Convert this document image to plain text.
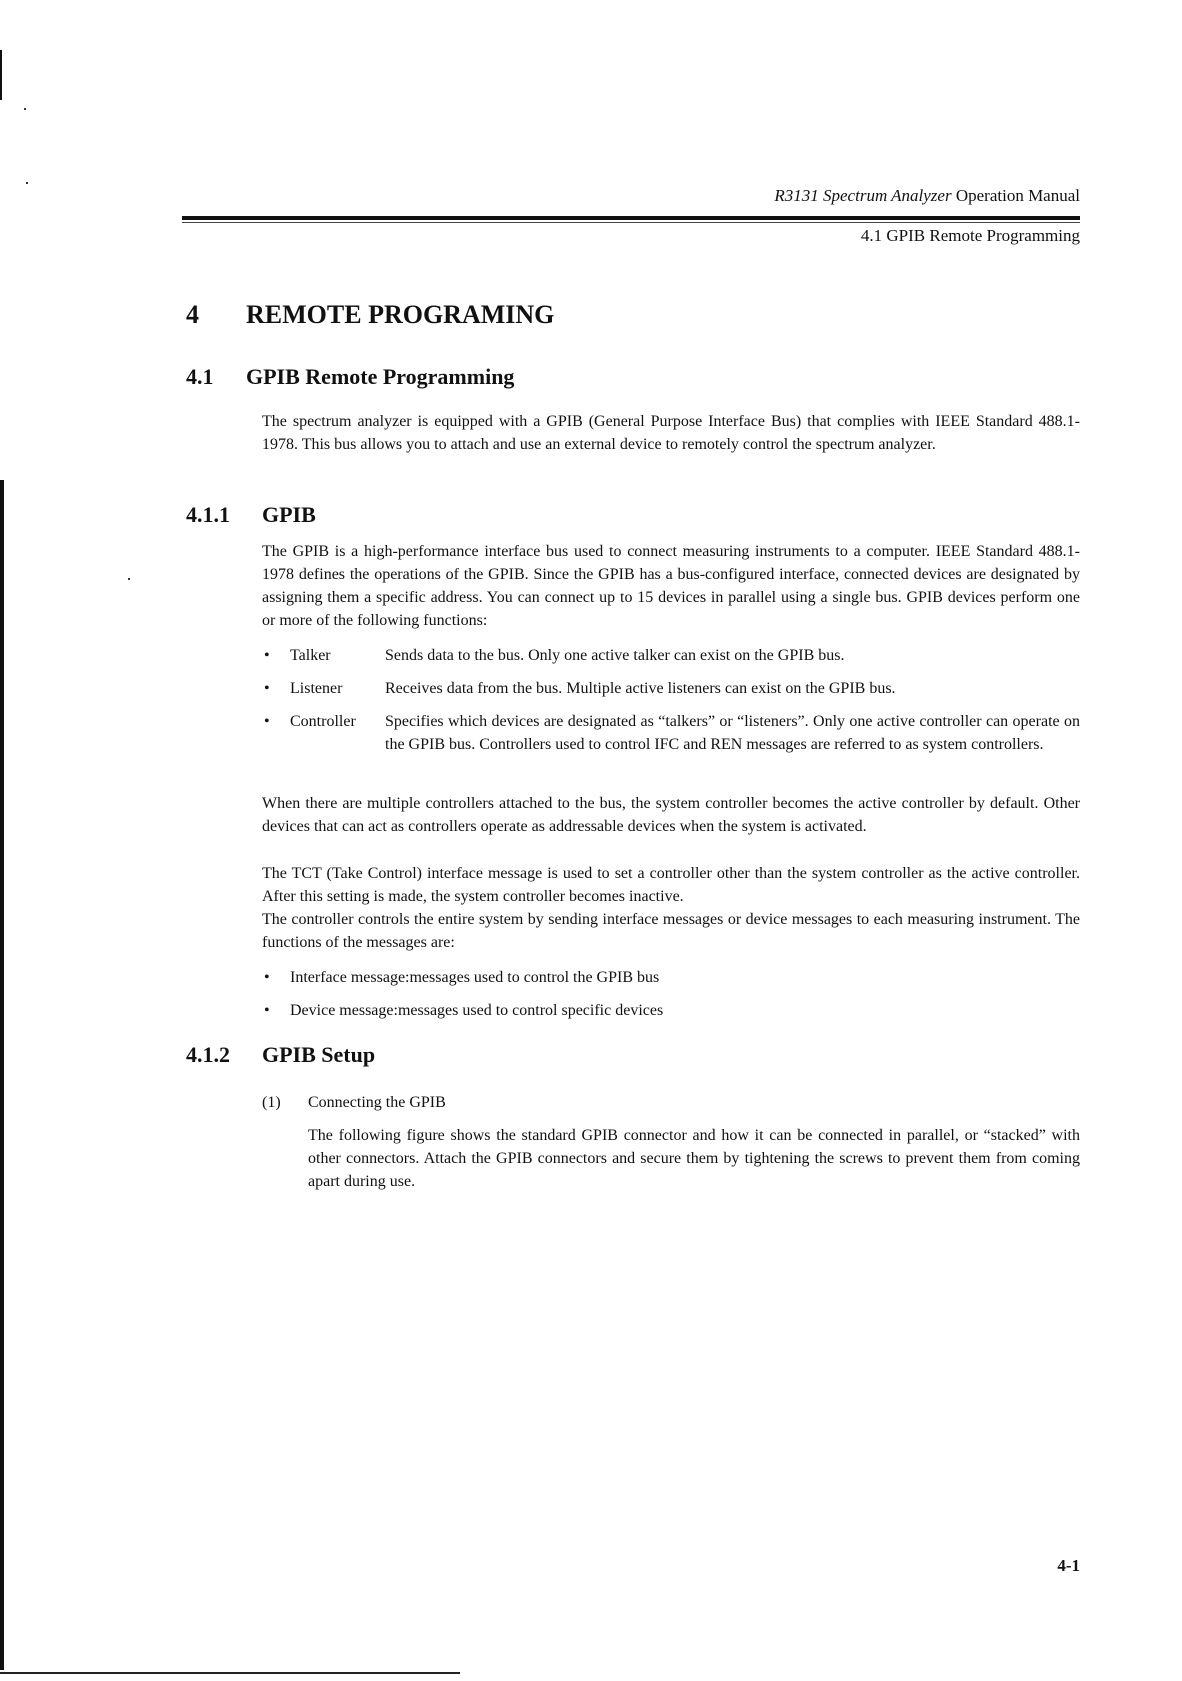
R3131 Spectrum Analyzer Operation Manual
4.1 GPIB Remote Programming
4 REMOTE PROGRAMING
4.1 GPIB Remote Programming

The spectrum analyzer is equipped with a GPIB (General Purpose Interface Bus) that complies with IEEE Standard 488.1-1978. This bus allows you to attach and use an external device to remotely control the spectrum analyzer.

4.1.1 GPIB

The GPIB is a high-performance interface bus used to connect measuring instruments to a computer. IEEE Standard 488.1-1978 defines the operations of the GPIB. Since the GPIB has a bus-configured interface, connected devices are designated by assigning them a specific address. You can connect up to 15 devices in parallel using a single bus. GPIB devices perform one or more of the following functions:

• Talker	Sends data to the bus. Only one active talker can exist on the GPIB bus.
• Listener	Receives data from the bus. Multiple active listeners can exist on the GPIB bus.
• Controller	Specifies which devices are designated as “talkers” or “listeners”. Only one active controller can operate on the GPIB bus. Controllers used to control IFC and REN messages are referred to as system controllers.

When there are multiple controllers attached to the bus, the system controller becomes the active controller by default. Other devices that can act as controllers operate as addressable devices when the system is activated.

The TCT (Take Control) interface message is used to set a controller other than the system controller as the active controller. After this setting is made, the system controller becomes inactive.

The controller controls the entire system by sending interface messages or device messages to each measuring instrument. The functions of the messages are:

• Interface message:messages used to control the GPIB bus
• Device message:messages used to control specific devices
4.1.2 GPIB Setup
(1) Connecting the GPIB

The following figure shows the standard GPIB connector and how it can be connected in parallel, or “stacked” with other connectors. Attach the GPIB connectors and secure them by tightening the screws to prevent them from coming apart during use.

4-1
